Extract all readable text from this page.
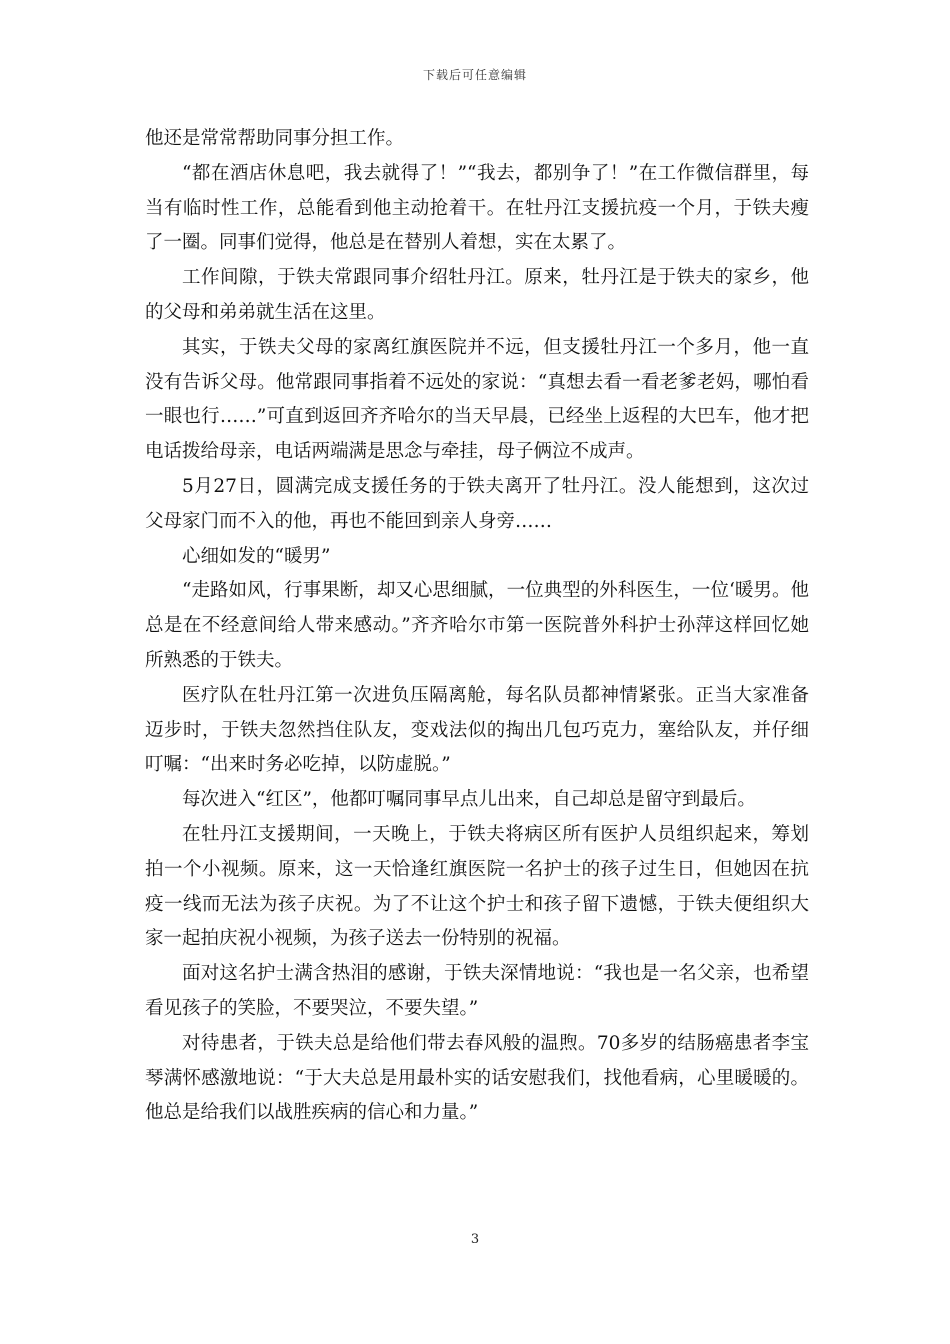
下载后可任意编辑

他还是常常帮助同事分担工作。

“都在酒店休息吧，我去就得了！”“我去，都别争了！”在工作微信群里，每当有临时性工作，总能看到他主动抢着干。在牡丹江支援抗疫一个月，于铁夫瘦了一圈。同事们觉得，他总是在替别人着想，实在太累了。

工作间隙，于铁夫常跟同事介绍牡丹江。原来，牡丹江是于铁夫的家乡，他的父母和弟弟就生活在这里。

其实，于铁夫父母的家离红旗医院并不远，但支援牡丹江一个多月，他一直没有告诉父母。他常跟同事指着不远处的家说：“真想去看一看老爹老妈，哪怕看一眼也行……”可直到返回齐齐哈尔的当天早晨，已经坐上返程的大巴车，他才把电话拨给母亲，电话两端满是思念与牵挂，母子俩泣不成声。

5月27日，圆满完成支援任务的于铁夫离开了牡丹江。没人能想到，这次过父母家门而不入的他，再也不能回到亲人身旁……

心细如发的“暖男”

“走路如风，行事果断，却又心思细腻，一位典型的外科医生，一位‘暖男。他总是在不经意间给人带来感动。”齐齐哈尔市第一医院普外科护士孙萍这样回忆她所熟悉的于铁夫。

医疗队在牡丹江第一次进负压隔离舱，每名队员都神情紧张。正当大家准备迈步时，于铁夫忽然挡住队友，变戏法似的掏出几包巧克力，塞给队友，并仔细叮嘱：“出来时务必吃掉，以防虚脱。”

每次进入“红区”，他都叮嘱同事早点儿出来，自己却总是留守到最后。

在牡丹江支援期间，一天晚上，于铁夫将病区所有医护人员组织起来，筹划拍一个小视频。原来，这一天恰逢红旗医院一名护士的孩子过生日，但她因在抗疫一线而无法为孩子庆祝。为了不让这个护士和孩子留下遗憾，于铁夫便组织大家一起拍庆祝小视频，为孩子送去一份特别的祝福。

面对这名护士满含热泪的感谢，于铁夫深情地说：“我也是一名父亲，也希望看见孩子的笑脸，不要哭泣，不要失望。”

对待患者，于铁夫总是给他们带去春风般的温煦。70多岁的结肠癌患者李宝琴满怀感激地说：“于大夫总是用最朴实的话安慰我们，找他看病，心里暖暖的。他总是给我们以战胜疾病的信心和力量。”

3
